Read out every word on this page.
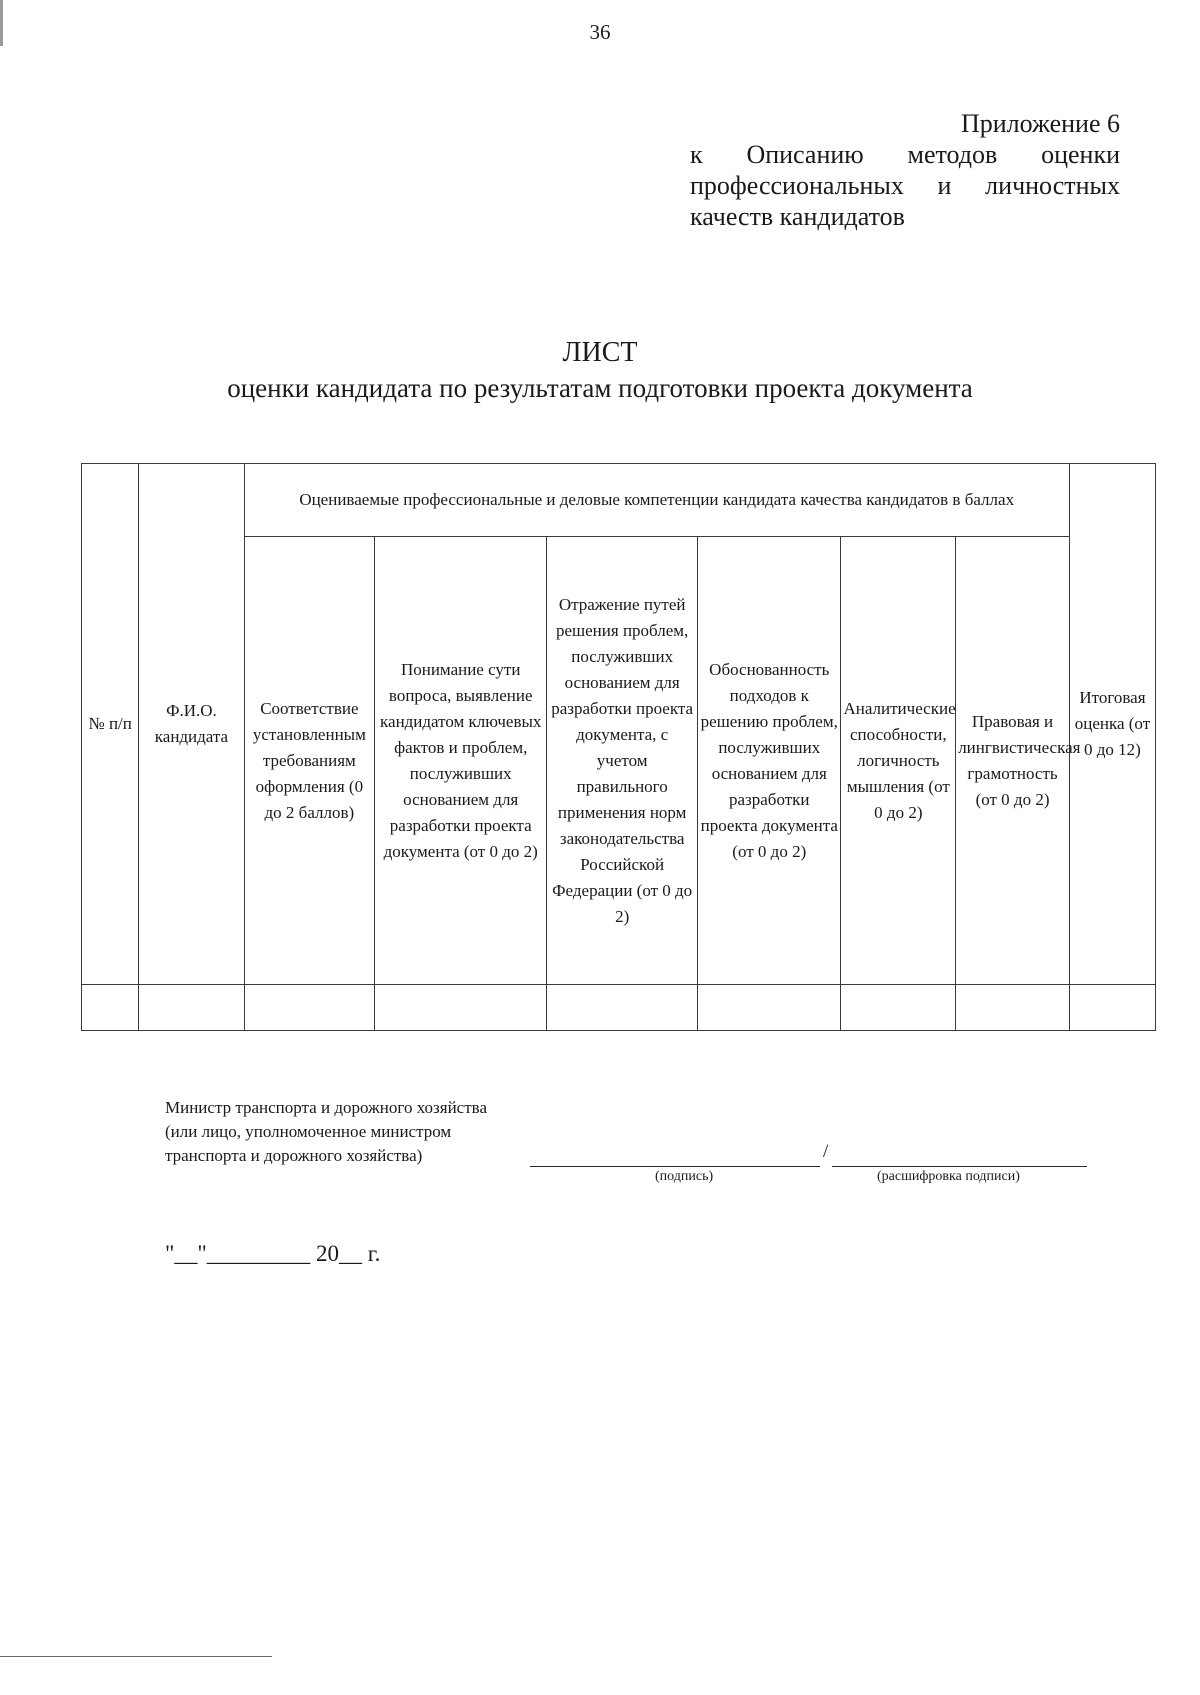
36
Приложение 6
к Описанию методов оценки
профессиональных и личностных
качеств кандидатов
ЛИСТ
оценки кандидата по результатам подготовки проекта документа
№ п/п	Ф.И.О. кандидата	Оцениваемые профессиональные и деловые компетенции кандидата качества кандидатов в баллах						Итоговая оценка (от 0 до 12)
		Соответствие установленным требованиям оформления (0 до 2 баллов)	Понимание сути вопроса, выявление кандидатом ключевых фактов и проблем, послуживших основанием для разработки проекта документа (от 0 до 2)	Отражение путей решения проблем, послуживших основанием для разработки проекта документа, с учетом правильного применения норм законодательства Российской Федерации (от 0 до 2)	Обоснованность подходов к решению проблем, послуживших основанием для разработки проекта документа (от 0 до 2)	Аналитические способности, логичность мышления (от 0 до 2)	Правовая и лингвистическая грамотность (от 0 до 2)	

Министр транспорта и дорожного хозяйства
(или лицо, уполномоченное министром
транспорта и дорожного хозяйства)	/
(подпись)	(расшифровка подписи)
"__"_________ 20__ г.
